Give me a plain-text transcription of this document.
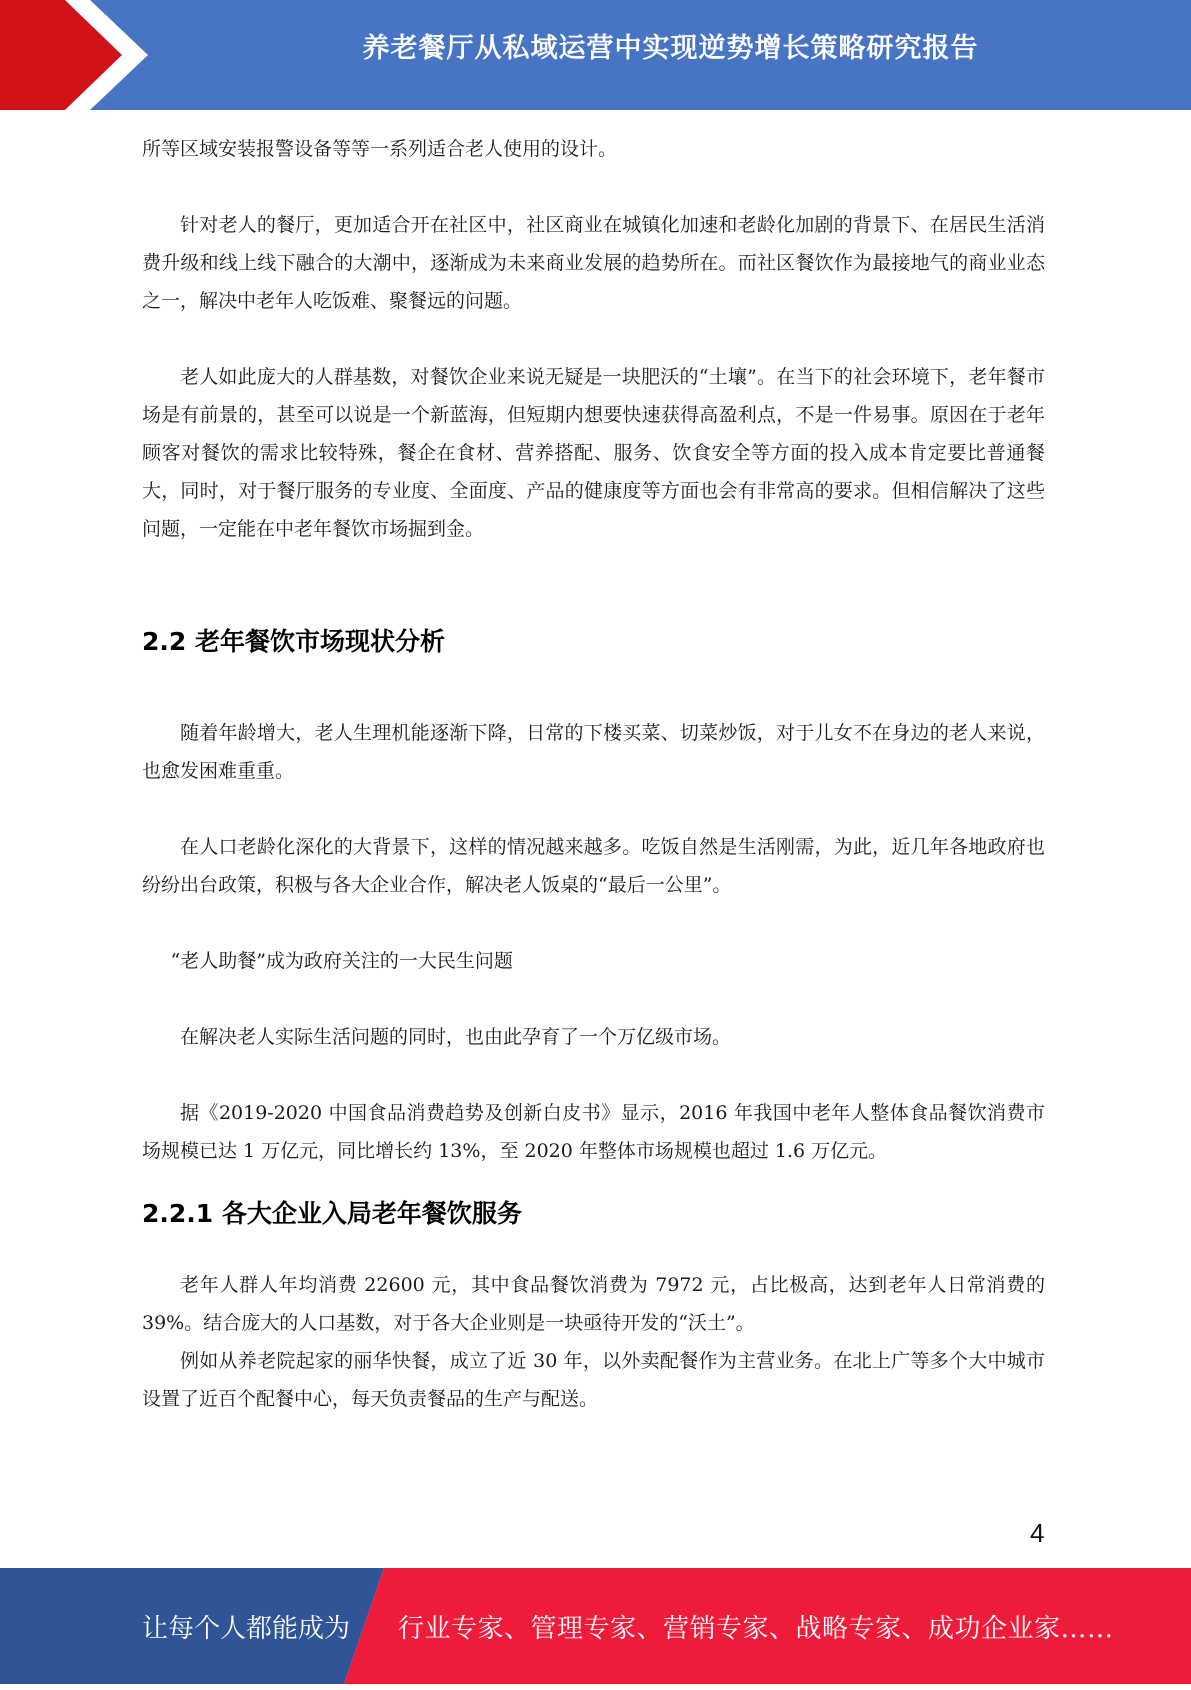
养老餐厅从私域运营中实现逆势增长策略研究报告

所等区域安装报警设备等等一系列适合老人使用的设计。

针对老人的餐厅，更加适合开在社区中，社区商业在城镇化加速和老龄化加剧的背景下、在居民生活消费升级和线上线下融合的大潮中，逐渐成为未来商业发展的趋势所在。而社区餐饮作为最接地气的商业业态之一，解决中老年人吃饭难、聚餐远的问题。

老人如此庞大的人群基数，对餐饮企业来说无疑是一块肥沃的“土壤”。在当下的社会环境下，老年餐市场是有前景的，甚至可以说是一个新蓝海，但短期内想要快速获得高盈利点，不是一件易事。原因在于老年顾客对餐饮的需求比较特殊，餐企在食材、营养搭配、服务、饮食安全等方面的投入成本肯定要比普通餐大，同时，对于餐厅服务的专业度、全面度、产品的健康度等方面也会有非常高的要求。但相信解决了这些问题，一定能在中老年餐饮市场掘到金。

2.2 老年餐饮市场现状分析

随着年龄增大，老人生理机能逐渐下降，日常的下楼买菜、切菜炒饭，对于儿女不在身边的老人来说，也愈发困难重重。

在人口老龄化深化的大背景下，这样的情况越来越多。吃饭自然是生活刚需，为此，近几年各地政府也纷纷出台政策，积极与各大企业合作，解决老人饭桌的“最后一公里”。

“老人助餐”成为政府关注的一大民生问题

在解决老人实际生活问题的同时，也由此孕育了一个万亿级市场。

据《2019-2020 中国食品消费趋势及创新白皮书》显示，2016 年我国中老年人整体食品餐饮消费市场规模已达 1 万亿元，同比增长约 13%，至 2020 年整体市场规模也超过 1.6 万亿元。

2.2.1 各大企业入局老年餐饮服务

老年人群人年均消费 22600 元，其中食品餐饮消费为 7972 元，占比极高，达到老年人日常消费的 39%。结合庞大的人口基数，对于各大企业则是一块亟待开发的“沃土”。

例如从养老院起家的丽华快餐，成立了近 30 年，以外卖配餐作为主营业务。在北上广等多个大中城市设置了近百个配餐中心，每天负责餐品的生产与配送。

4
让每个人都能成为 行业专家、管理专家、营销专家、战略专家、成功企业家……
